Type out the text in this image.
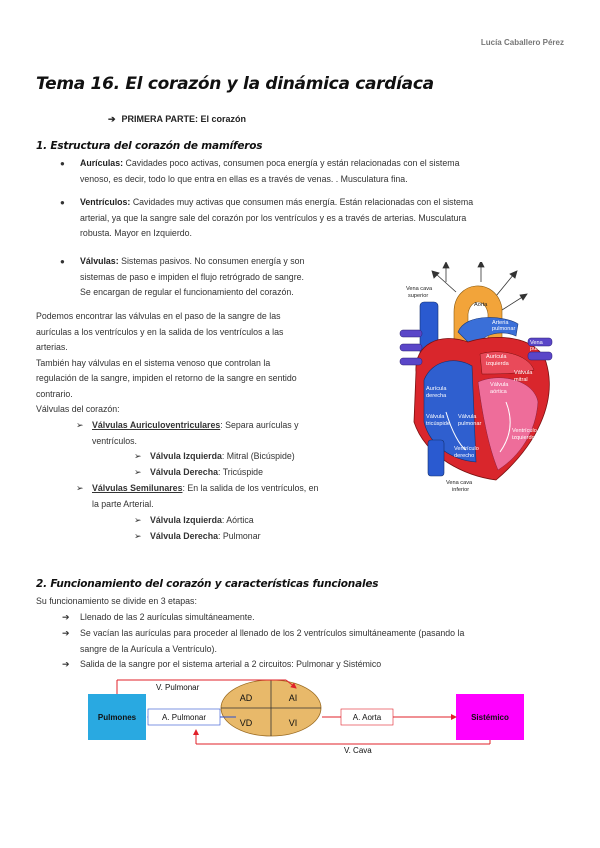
Lucía Caballero Pérez
Tema 16. El corazón y la dinámica cardíaca
➔ PRIMERA PARTE: El corazón
1. Estructura del corazón de mamíferos
● Aurículas: Cavidades poco activas, consumen poca energía y están relacionadas con el sistema
venoso, es decir, todo lo que entra en ellas es a través de venas. . Musculatura fina.
● Ventrículos: Cavidades muy activas que consumen más energía. Están relacionadas con el sistema
arterial, ya que la sangre sale del corazón por los ventrículos y es a través de arterias. Musculatura
robusta. Mayor en Izquierdo.
● Válvulas: Sistemas pasivos. No consumen energía y son
sistemas de paso e impiden el flujo retrógrado de sangre.
Se encargan de regular el funcionamiento del corazón.
Podemos encontrar las válvulas en el paso de la sangre de las
aurículas a los ventrículos y en la salida de los ventrículos a las
arterias.
También hay válvulas en el sistema venoso que controlan la
regulación de la sangre, impiden el retorno de la sangre en sentido
contrario.
Válvulas del corazón:
➢ Válvulas Auriculoventriculares: Separa aurículas y
ventrículos.
➢ Válvula Izquierda: Mitral (Bicúspide)
➢ Válvula Derecha: Tricúspide
➢ Válvulas Semilunares: En la salida de los ventrículos, en
la parte Arterial.
➢ Válvula Izquierda: Aórtica
➢ Válvula Derecha: Pulmonar
Vena cava
superior
Aorta
Arteria
pulmonar
Vena
pulmonar
Aurícula
izquierda
Aurícula
derecha
Válvula
mitral
Válvula
aórtica
Válvula
tricúspide
Válvula
pulmonar
Ventrículo
izquierdo
Ventrículo
derecho
Vena cava
inferior
2. Funcionamiento del corazón y características funcionales
Su funcionamiento se divide en 3 etapas:
➔ Llenado de las 2 aurículas simultáneamente.
➔ Se vacían las aurículas para proceder al llenado de los 2 ventrículos simultáneamente (pasando la
sangre de la Aurícula a Ventrículo).
➔ Salida de la sangre por el sistema arterial a 2 circuitos: Pulmonar y Sistémico
Pulmones	Sistémico
V. Pulmonar
A. Pulmonar	A. Aorta
V. Cava
AD	AI
VD	VI
